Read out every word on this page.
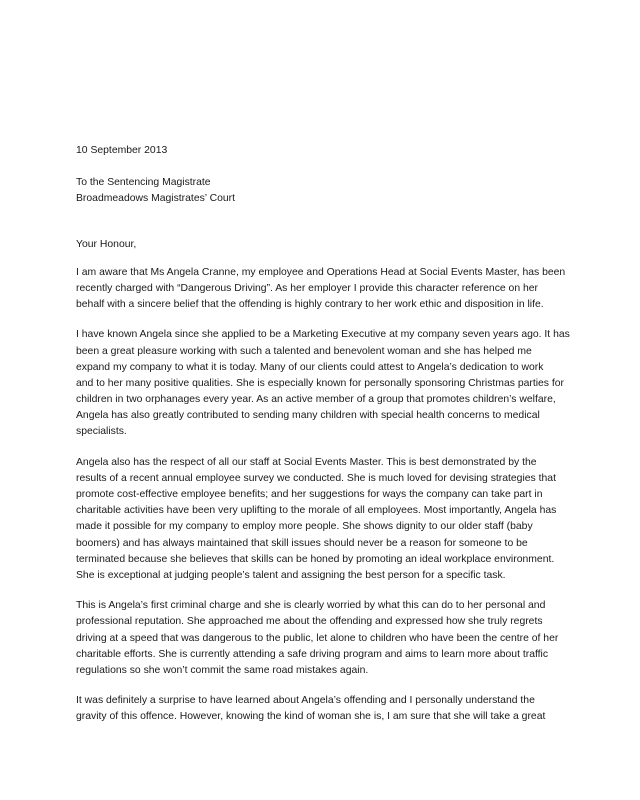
10 September 2013
To the Sentencing Magistrate
Broadmeadows Magistrates’ Court
Your Honour,
I am aware that Ms Angela Cranne, my employee and Operations Head at Social Events Master, has been
recently charged with “Dangerous Driving”. As her employer I provide this character reference on her
behalf with a sincere belief that the offending is highly contrary to her work ethic and disposition in life.
I have known Angela since she applied to be a Marketing Executive at my company seven years ago. It has
been a great pleasure working with such a talented and benevolent woman and she has helped me
expand my company to what it is today. Many of our clients could attest to Angela’s dedication to work
and to her many positive qualities. She is especially known for personally sponsoring Christmas parties for
children in two orphanages every year. As an active member of a group that promotes children’s welfare,
Angela has also greatly contributed to sending many children with special health concerns to medical
specialists.
Angela also has the respect of all our staff at Social Events Master. This is best demonstrated by the
results of a recent annual employee survey we conducted. She is much loved for devising strategies that
promote cost-effective employee benefits; and her suggestions for ways the company can take part in
charitable activities have been very uplifting to the morale of all employees. Most importantly, Angela has
made it possible for my company to employ more people. She shows dignity to our older staff (baby
boomers) and has always maintained that skill issues should never be a reason for someone to be
terminated because she believes that skills can be honed by promoting an ideal workplace environment.
She is exceptional at judging people’s talent and assigning the best person for a specific task.
This is Angela’s first criminal charge and she is clearly worried by what this can do to her personal and
professional reputation. She approached me about the offending and expressed how she truly regrets
driving at a speed that was dangerous to the public, let alone to children who have been the centre of her
charitable efforts. She is currently attending a safe driving program and aims to learn more about traffic
regulations so she won’t commit the same road mistakes again.
It was definitely a surprise to have learned about Angela’s offending and I personally understand the
gravity of this offence. However, knowing the kind of woman she is, I am sure that she will take a great
